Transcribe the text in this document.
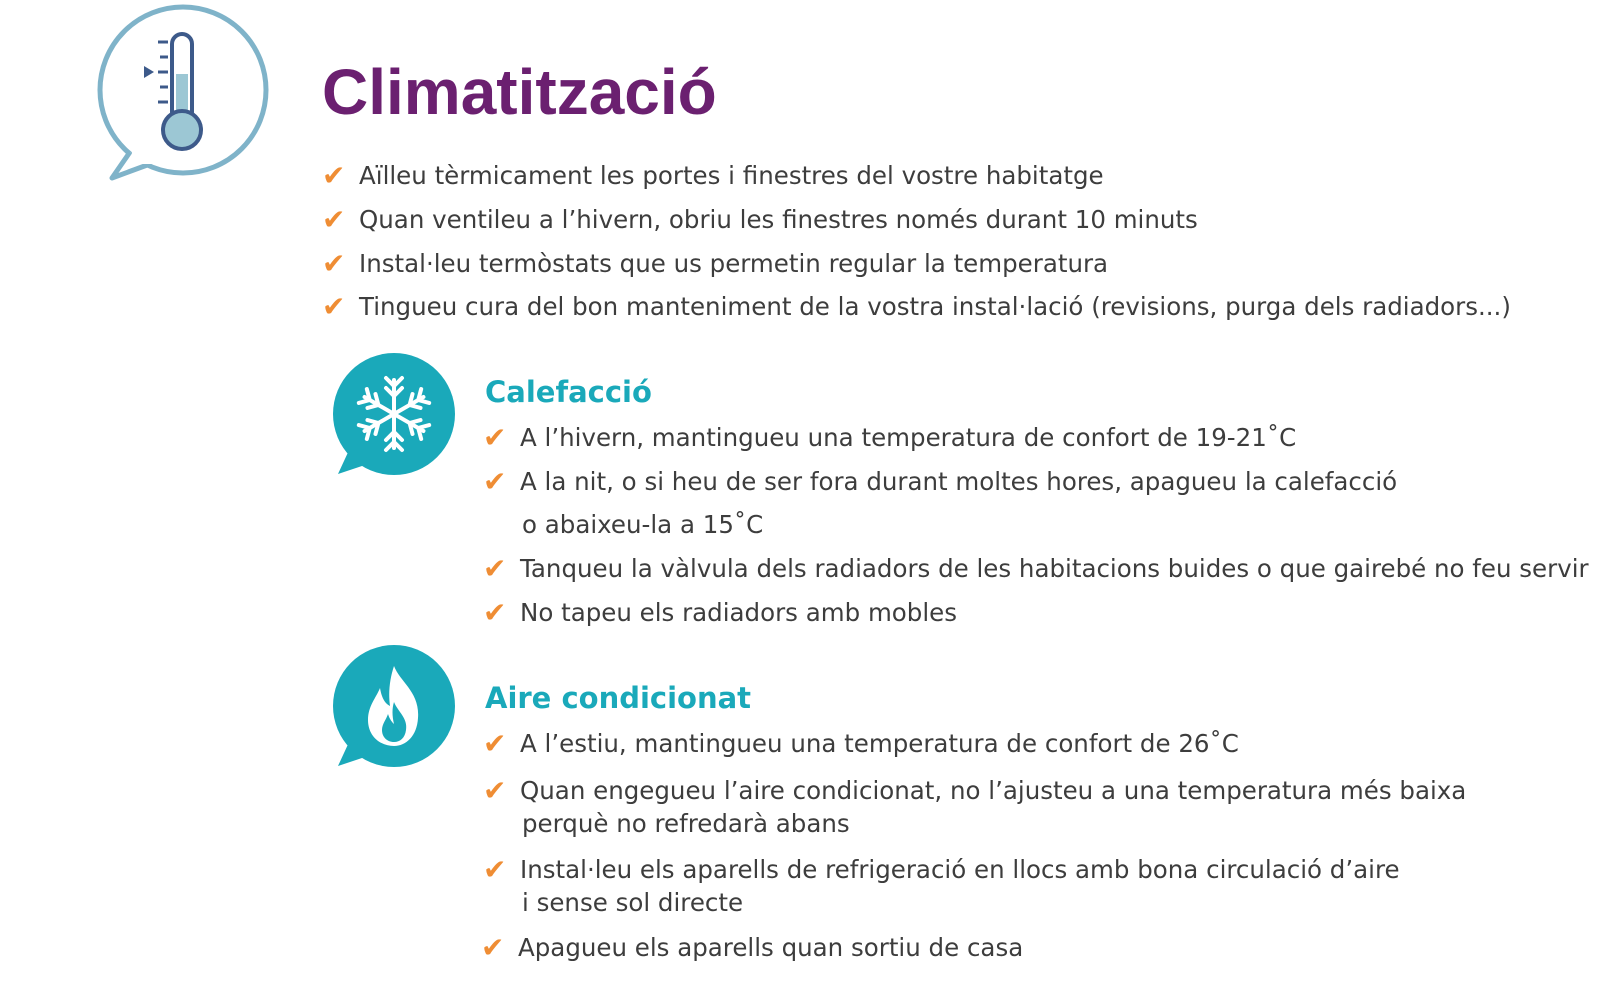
Climatització
✔ Aïlleu tèrmicament les portes i finestres del vostre habitatge
✔ Quan ventileu a l’hivern, obriu les finestres només durant 10 minuts
✔ Instal·leu termòstats que us permetin regular la temperatura
✔ Tingueu cura del bon manteniment de la vostra instal·lació (revisions, purga dels radiadors...)
Calefacció
✔ A l’hivern, mantingueu una temperatura de confort de 19-21˚C
✔ A la nit, o si heu de ser fora durant moltes hores, apagueu la calefacció
o abaixeu-la a 15˚C
✔ Tanqueu la vàlvula dels radiadors de les habitacions buides o que gairebé no feu servir
✔ No tapeu els radiadors amb mobles
Aire condicionat
✔ A l’estiu, mantingueu una temperatura de confort de 26˚C
✔ Quan engegueu l’aire condicionat, no l’ajusteu a una temperatura més baixa
perquè no refredarà abans
✔ Instal·leu els aparells de refrigeració en llocs amb bona circulació d’aire
i sense sol directe
✔ Apagueu els aparells quan sortiu de casa
